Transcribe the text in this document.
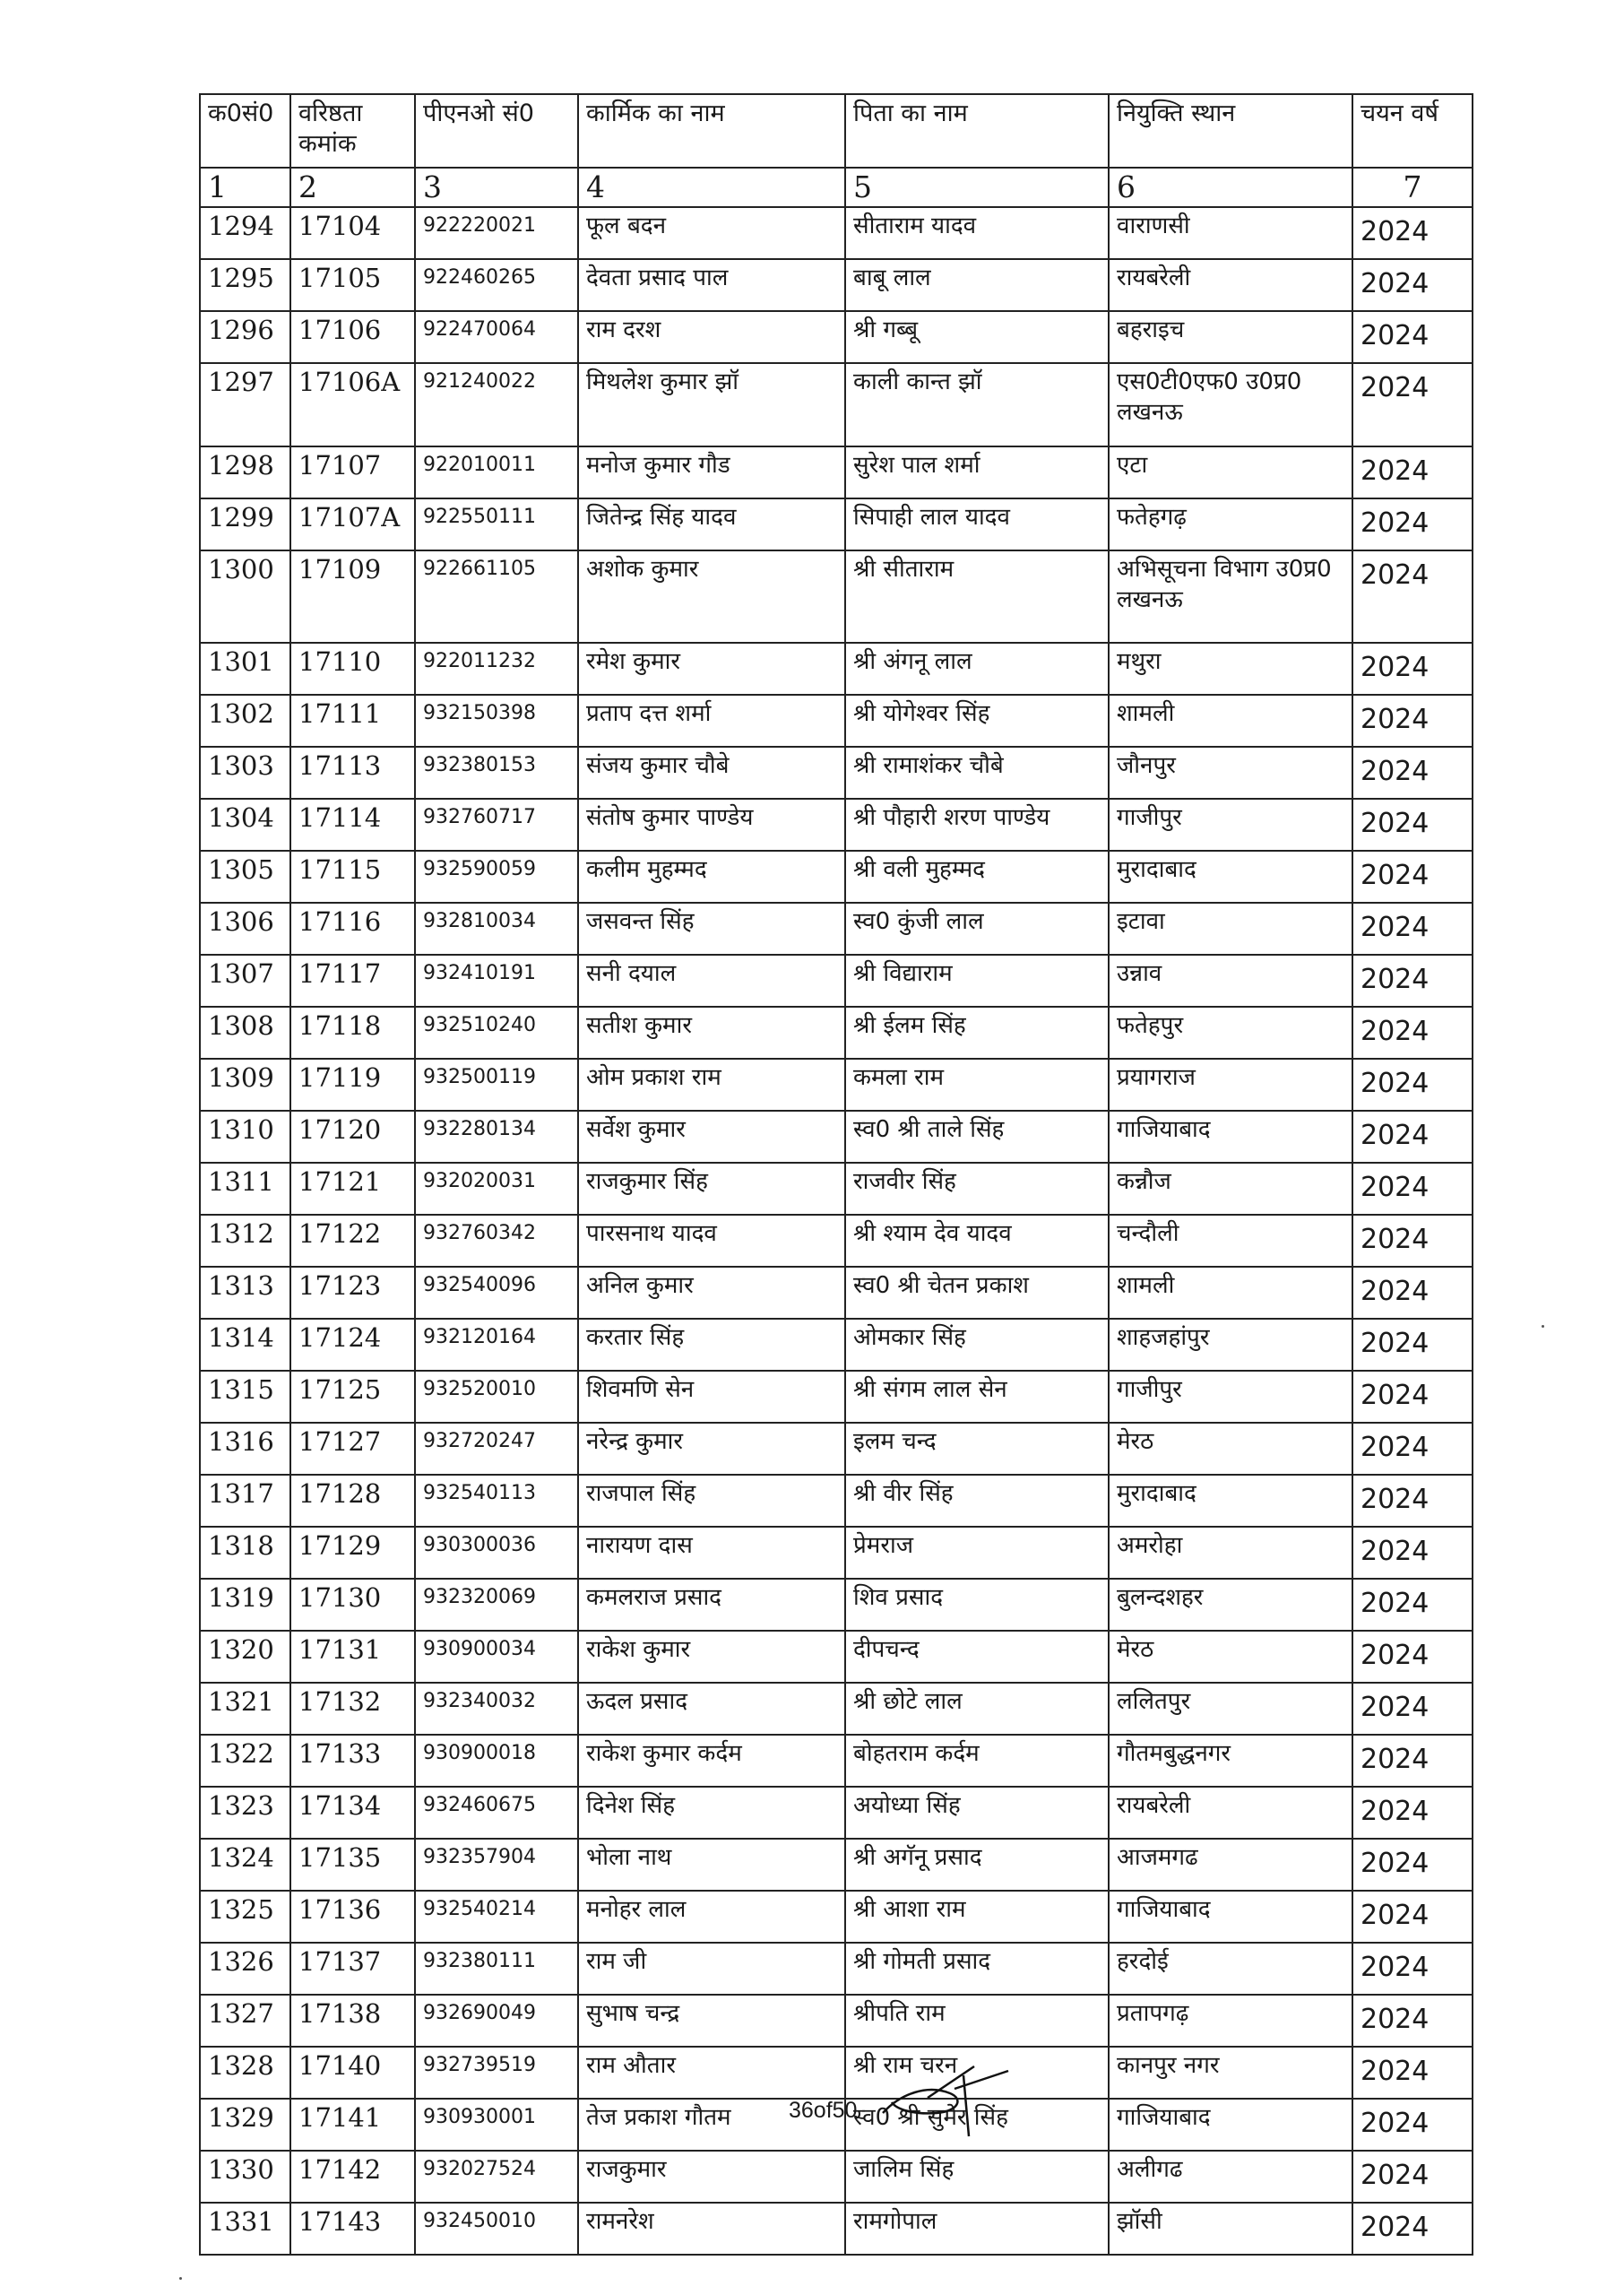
क0सं0	वरिष्ठता कमांक	पीएनओ सं0	कार्मिक का नाम	पिता का नाम	नियुक्ति स्थान	चयन वर्ष
1	2	3	4	5	6	7
1294	17104	922220021	फूल बदन	सीताराम यादव	वाराणसी	2024
1295	17105	922460265	देवता प्रसाद पाल	बाबू लाल	रायबरेली	2024
1296	17106	922470064	राम दरश	श्री गब्बू	बहराइच	2024
1297	17106A	921240022	मिथलेश कुमार झॉ	काली कान्त झॉ	एस0टी0एफ0 उ0प्र0 लखनऊ	2024
1298	17107	922010011	मनोज कुमार गौड	सुरेश पाल शर्मा	एटा	2024
1299	17107A	922550111	जितेन्द्र सिंह यादव	सिपाही लाल यादव	फतेहगढ़	2024
1300	17109	922661105	अशोक कुमार	श्री सीताराम	अभिसूचना विभाग उ0प्र0 लखनऊ	2024
1301	17110	922011232	रमेश कुमार	श्री अंगनू लाल	मथुरा	2024
1302	17111	932150398	प्रताप दत्त शर्मा	श्री योगेश्वर सिंह	शामली	2024
1303	17113	932380153	संजय कुमार चौबे	श्री रामाशंकर चौबे	जौनपुर	2024
1304	17114	932760717	संतोष कुमार पाण्डेय	श्री पौहारी शरण पाण्डेय	गाजीपुर	2024
1305	17115	932590059	कलीम मुहम्मद	श्री वली मुहम्मद	मुरादाबाद	2024
1306	17116	932810034	जसवन्त सिंह	स्व0 कुंजी लाल	इटावा	2024
1307	17117	932410191	सनी दयाल	श्री विद्याराम	उन्नाव	2024
1308	17118	932510240	सतीश कुमार	श्री ईलम सिंह	फतेहपुर	2024
1309	17119	932500119	ओम प्रकाश राम	कमला राम	प्रयागराज	2024
1310	17120	932280134	सर्वेश कुमार	स्व0 श्री ताले सिंह	गाजियाबाद	2024
1311	17121	932020031	राजकुमार सिंह	राजवीर सिंह	कन्नौज	2024
1312	17122	932760342	पारसनाथ यादव	श्री श्याम देव यादव	चन्दौली	2024
1313	17123	932540096	अनिल कुमार	स्व0 श्री चेतन प्रकाश	शामली	2024
1314	17124	932120164	करतार सिंह	ओमकार सिंह	शाहजहांपुर	2024
1315	17125	932520010	शिवमणि सेन	श्री संगम लाल सेन	गाजीपुर	2024
1316	17127	932720247	नरेन्द्र कुमार	इलम चन्द	मेरठ	2024
1317	17128	932540113	राजपाल सिंह	श्री वीर सिंह	मुरादाबाद	2024
1318	17129	930300036	नारायण दास	प्रेमराज	अमरोहा	2024
1319	17130	932320069	कमलराज प्रसाद	शिव प्रसाद	बुलन्दशहर	2024
1320	17131	930900034	राकेश कुमार	दीपचन्द	मेरठ	2024
1321	17132	932340032	ऊदल प्रसाद	श्री छोटे लाल	ललितपुर	2024
1322	17133	930900018	राकेश कुमार कर्दम	बोहतराम कर्दम	गौतमबुद्धनगर	2024
1323	17134	932460675	दिनेश सिंह	अयोध्या सिंह	रायबरेली	2024
1324	17135	932357904	भोला नाथ	श्री अगॅनू प्रसाद	आजमगढ	2024
1325	17136	932540214	मनोहर लाल	श्री आशा राम	गाजियाबाद	2024
1326	17137	932380111	राम जी	श्री गोमती प्रसाद	हरदोई	2024
1327	17138	932690049	सुभाष चन्द्र	श्रीपति राम	प्रतापगढ़	2024
1328	17140	932739519	राम औतार	श्री राम चरन	कानपुर नगर	2024
1329	17141	930930001	तेज प्रकाश गौतम	स्व0 श्री सुमेर सिंह	गाजियाबाद	2024
1330	17142	932027524	राजकुमार	जालिम सिंह	अलीगढ	2024
1331	17143	932450010	रामनरेश	रामगोपाल	झॉसी	2024
36of50
